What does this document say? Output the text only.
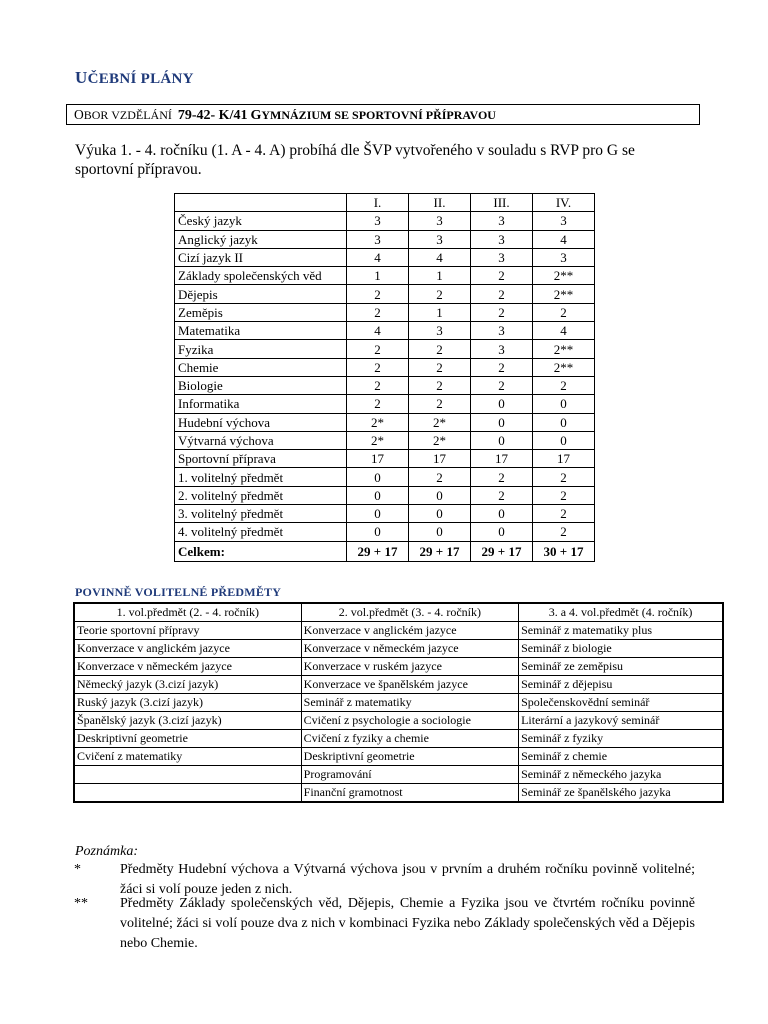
UČEBNÍ PLÁNY
OBOR VZDĚLÁNÍ 79-42- K/41 GYMNÁZIUM SE SPORTOVNÍ PŘÍPRAVOU
Výuka 1. - 4. ročníku (1. A - 4. A) probíhá dle ŠVP vytvořeného v souladu s RVP pro G se sportovní přípravou.
	I.	II.	III.	IV.
Český jazyk	3	3	3	3
Anglický jazyk	3	3	3	4
Cizí jazyk II	4	4	3	3
Základy společenských věd	1	1	2	2**
Dějepis	2	2	2	2**
Zeměpis	2	1	2	2
Matematika	4	3	3	4
Fyzika	2	2	3	2**
Chemie	2	2	2	2**
Biologie	2	2	2	2
Informatika	2	2	0	0
Hudební výchova	2*	2*	0	0
Výtvarná výchova	2*	2*	0	0
Sportovní příprava	17	17	17	17
1. volitelný předmět	0	2	2	2
2. volitelný předmět	0	0	2	2
3. volitelný předmět	0	0	0	2
4. volitelný předmět	0	0	0	2
Celkem:	29 + 17	29 + 17	29 + 17	30 + 17
POVINNĚ VOLITELNÉ PŘEDMĚTY
1. vol.předmět (2. - 4. ročník)	2. vol.předmět (3. - 4. ročník)	3. a 4. vol.předmět (4. ročník)
Teorie sportovní přípravy	Konverzace v anglickém jazyce	Seminář z matematiky plus
Konverzace v anglickém jazyce	Konverzace v německém jazyce	Seminář z biologie
Konverzace v německém jazyce	Konverzace v ruském jazyce	Seminář ze zeměpisu
Německý jazyk (3.cizí jazyk)	Konverzace ve španělském jazyce	Seminář z dějepisu
Ruský jazyk (3.cizí jazyk)	Seminář z matematiky	Společenskovědní seminář
Španělský jazyk (3.cizí jazyk)	Cvičení z psychologie a sociologie	Literární a jazykový seminář
Deskriptivní geometrie	Cvičení z fyziky a chemie	Seminář z fyziky
Cvičení z matematiky	Deskriptivní geometrie	Seminář z chemie
	Programování	Seminář z německého jazyka
	Finanční gramotnost	Seminář ze španělského jazyka
Poznámka:
*	Předměty Hudební výchova a Výtvarná výchova jsou v prvním a druhém ročníku povinně volitelné; žáci si volí pouze jeden z nich.
** Předměty Základy společenských věd, Dějepis, Chemie a Fyzika jsou ve čtvrtém ročníku povinně volitelné; žáci si volí pouze dva z nich v kombinaci Fyzika nebo Základy společenských věd a Dějepis nebo Chemie.
